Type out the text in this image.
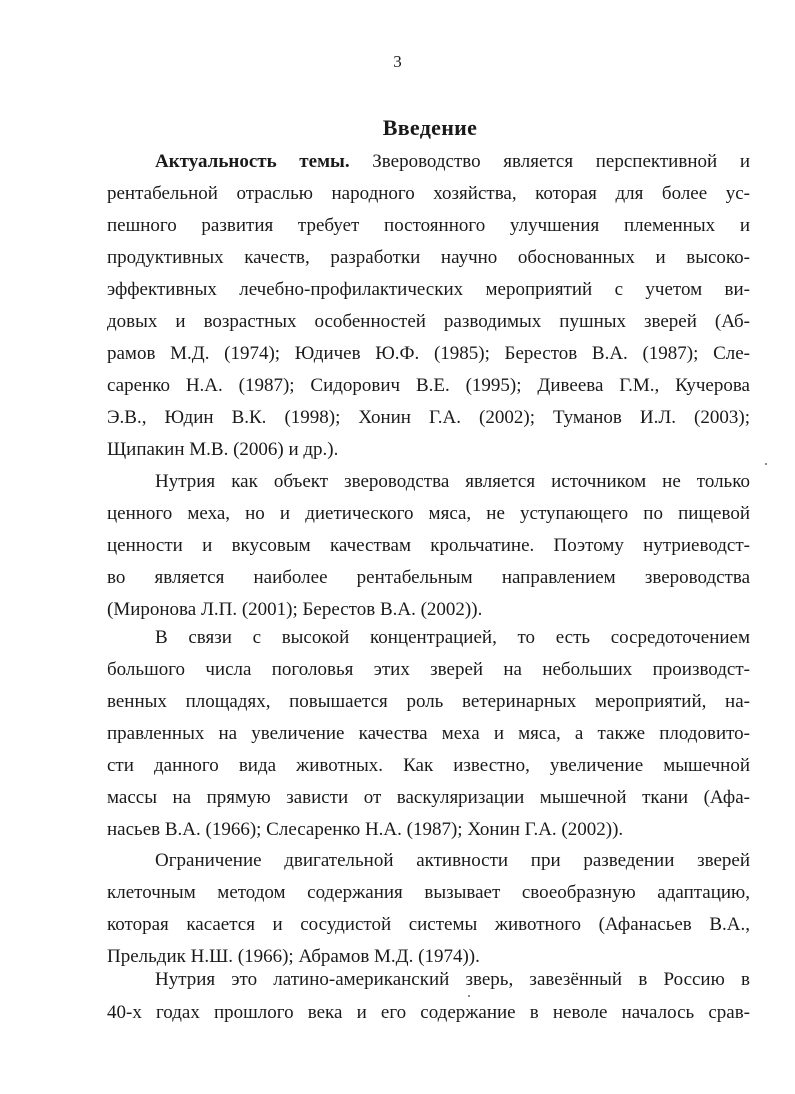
3
Введение
Актуальность темы. Звероводство является перспективной и
рентабельной отраслью народного хозяйства, которая для более ус-
пешного развития требует постоянного улучшения племенных и
продуктивных качеств, разработки научно обоснованных и высоко-
эффективных лечебно-профилактических мероприятий с учетом ви-
довых и возрастных особенностей разводимых пушных зверей (Аб-
рамов М.Д. (1974); Юдичев Ю.Ф. (1985); Берестов В.А. (1987); Сле-
саренко Н.А. (1987); Сидорович В.Е. (1995); Дивеева Г.М., Кучерова
Э.В., Юдин В.К. (1998); Хонин Г.А. (2002); Туманов И.Л. (2003);
Щипакин М.В. (2006) и др.).
Нутрия как объект звероводства является источником не только
ценного меха, но и диетического мяса, не уступающего по пищевой
ценности и вкусовым качествам крольчатине. Поэтому нутриеводст-
во является наиболее рентабельным направлением звероводства
(Миронова Л.П. (2001); Берестов В.А. (2002)).
В связи с высокой концентрацией, то есть сосредоточением
большого числа поголовья этих зверей на небольших производст-
венных площадях, повышается роль ветеринарных мероприятий, на-
правленных на увеличение качества меха и мяса, а также плодовито-
сти данного вида животных. Как известно, увеличение мышечной
массы на прямую зависти от васкуляризации мышечной ткани (Афа-
насьев В.А. (1966); Слесаренко Н.А. (1987); Хонин Г.А. (2002)).
Ограничение двигательной активности при разведении зверей
клеточным методом содержания вызывает своеобразную адаптацию,
которая касается и сосудистой системы животного (Афанасьев В.А.,
Прельдик Н.Ш. (1966); Абрамов М.Д. (1974)).
Нутрия это латино-американский зверь, завезённый в Россию в
40-х годах прошлого века и его содержание в неволе началось срав-
